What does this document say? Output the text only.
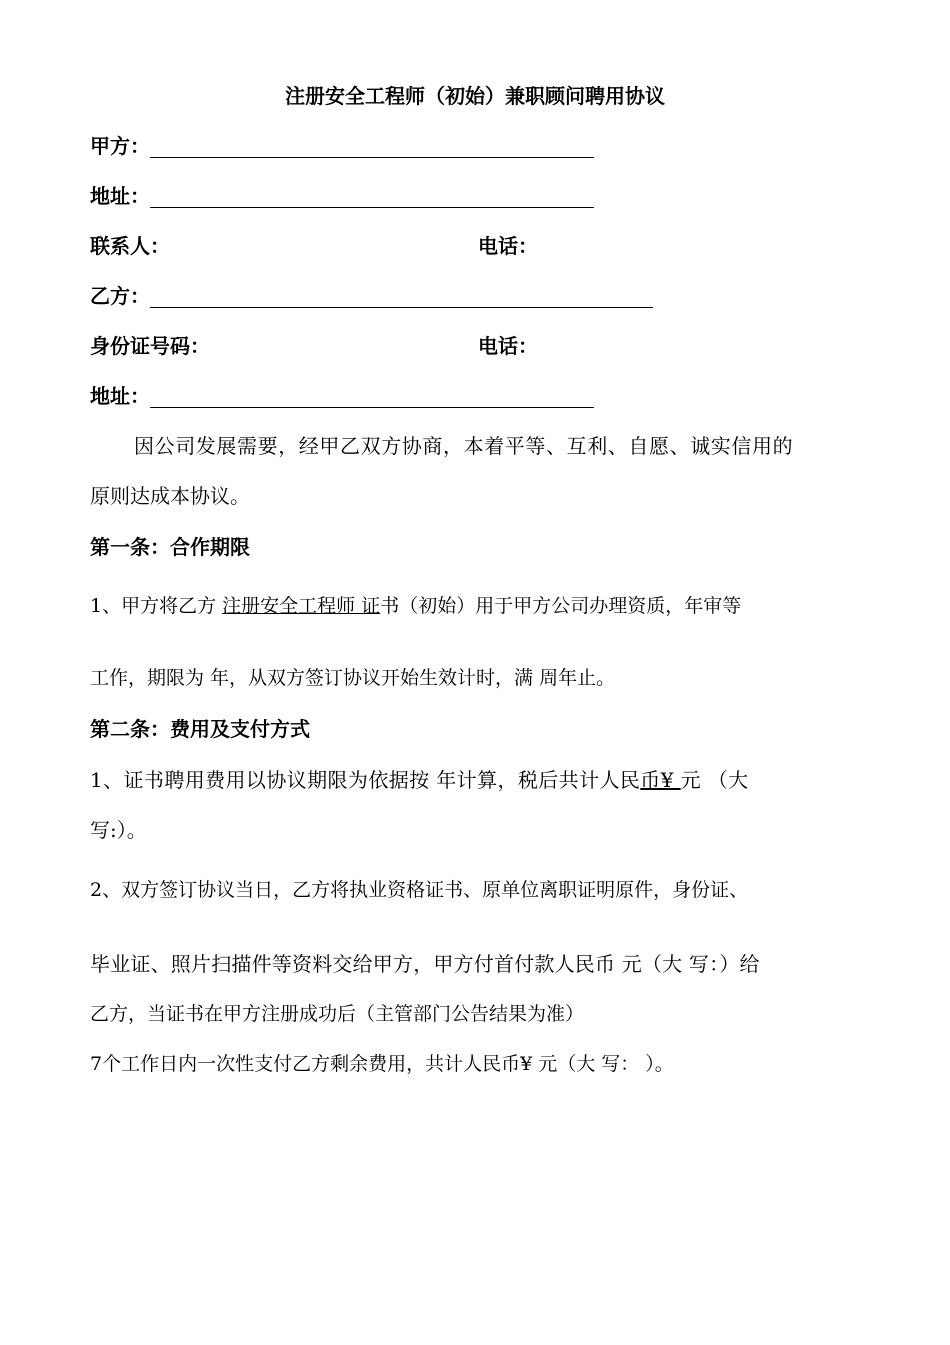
注册安全工程师（初始）兼职顾问聘用协议
甲方：
地址：
联系人：	电话：
乙方：
身份证号码：	电话：
地址：
因公司发展需要，经甲乙双方协商，本着平等、互利、自愿、诚实信用的
原则达成本协议。
第一条：合作期限
1、甲方将乙方 注册安全工程师 证书（初始）用于甲方公司办理资质，年审等
工作，期限为 年，从双方签订协议开始生效计时，满 周年止。
第二条：费用及支付方式
1、证书聘用费用以协议期限为依据按 年计算，税后共计人民币¥ 元 （大
写:）。
2、双方签订协议当日，乙方将执业资格证书、原单位离职证明原件，身份证、
毕业证、照片扫描件等资料交给甲方，甲方付首付款人民币 元（大 写：）给
乙方，当证书在甲方注册成功后（主管部门公告结果为准）
7个工作日内一次性支付乙方剩余费用，共计人民币¥ 元（大 写： ）。
